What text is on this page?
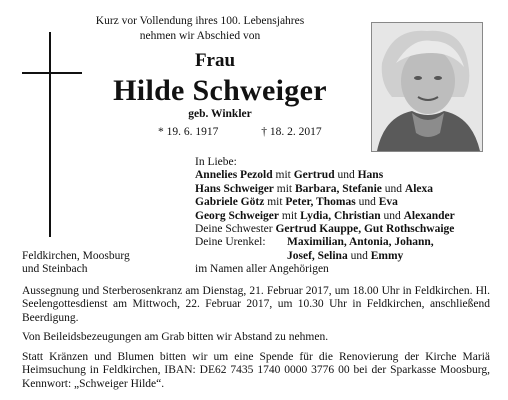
Kurz vor Vollendung ihres 100. Lebensjahres
nehmen wir Abschied von
Frau
Hilde Schweiger
geb. Winkler
* 19. 6. 1917	† 18. 2. 2017
In Liebe:
Annelies Pezold mit Gertrud und Hans
Hans Schweiger mit Barbara, Stefanie und Alexa
Gabriele Götz mit Peter, Thomas und Eva
Georg Schweiger mit Lydia, Christian und Alexander
Deine Schwester Gertrud Kauppe, Gut Rothschwaige
Deine Urenkel: Maximilian, Antonia, Johann,
Josef, Selina und Emmy
Feldkirchen, Moosburg
und Steinbach	im Namen aller Angehörigen
Aussegnung und Sterberosenkranz am Dienstag, 21. Februar 2017, um 18.00 Uhr in Feldkirchen. Hl. Seelengottesdienst am Mittwoch, 22. Februar 2017, um 10.30 Uhr in Feldkirchen, anschließend Beerdigung.
Von Beileidsbezeugungen am Grab bitten wir Abstand zu nehmen.
Statt Kränzen und Blumen bitten wir um eine Spende für die Renovierung der Kirche Mariä Heimsuchung in Feldkirchen, IBAN: DE62 7435 1740 0000 3776 00 bei der Sparkasse Moosburg, Kennwort: „Schweiger Hilde“.
